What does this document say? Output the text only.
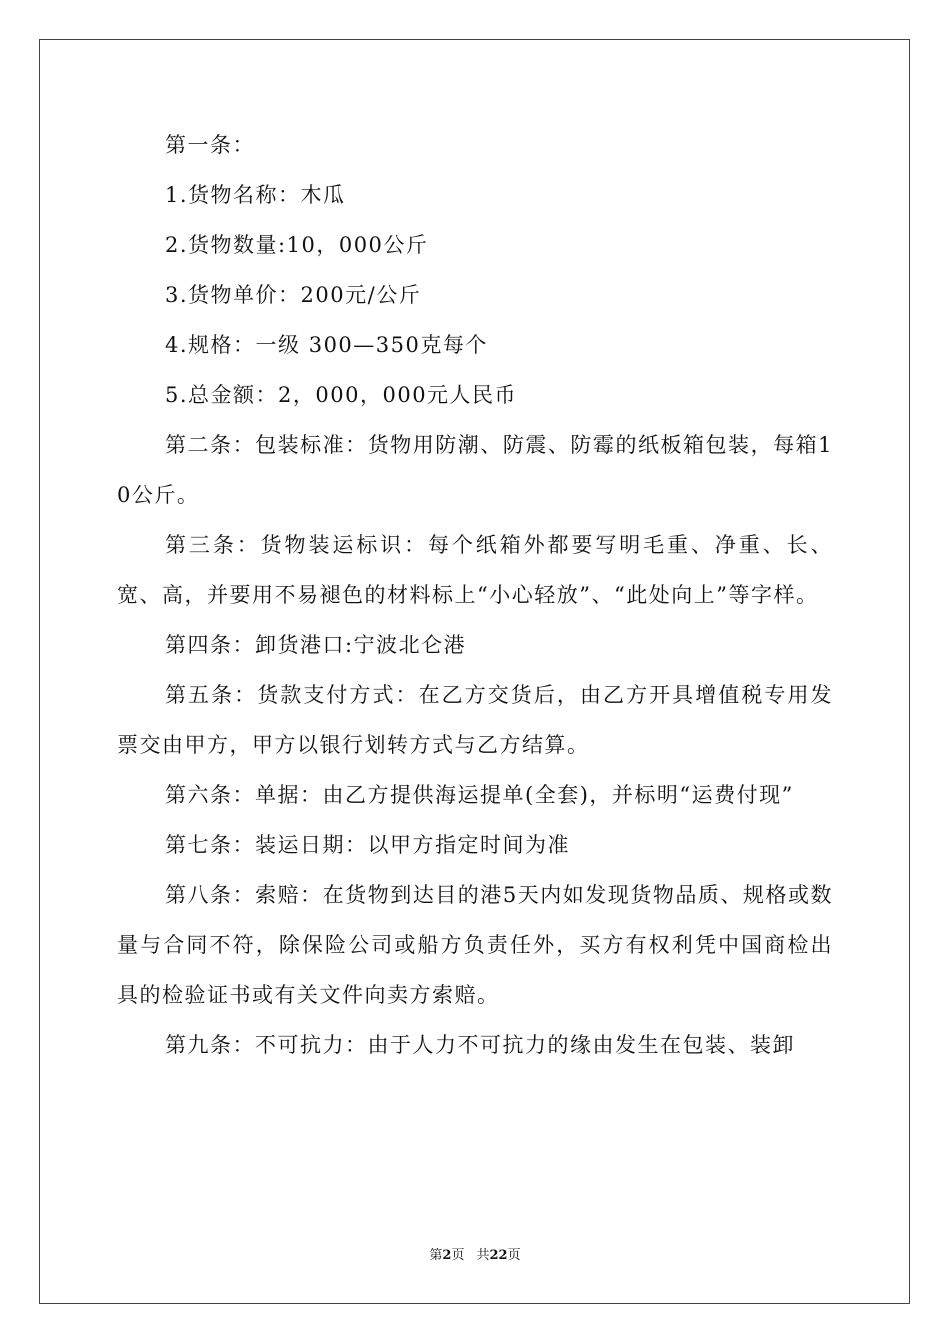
第一条：

1.货物名称：木瓜

2.货物数量:10，000公斤

3.货物单价：200元/公斤

4.规格：一级 300—350克每个

5.总金额：2，000，000元人民币

第二条：包装标准：货物用防潮、防震、防霉的纸板箱包装，每箱10公斤。

第三条：货物装运标识：每个纸箱外都要写明毛重、净重、长、宽、高，并要用不易褪色的材料标上“小心轻放”、“此处向上”等字样。

第四条：卸货港口:宁波北仑港

第五条：货款支付方式：在乙方交货后，由乙方开具增值税专用发票交由甲方，甲方以银行划转方式与乙方结算。

第六条：单据：由乙方提供海运提单(全套)，并标明“运费付现”

第七条：装运日期：以甲方指定时间为准

第八条：索赔：在货物到达目的港5天内如发现货物品质、规格或数量与合同不符，除保险公司或船方负责任外，买方有权利凭中国商检出具的检验证书或有关文件向卖方索赔。

第九条：不可抗力：由于人力不可抗力的缘由发生在包装、装卸

第2页 共22页
